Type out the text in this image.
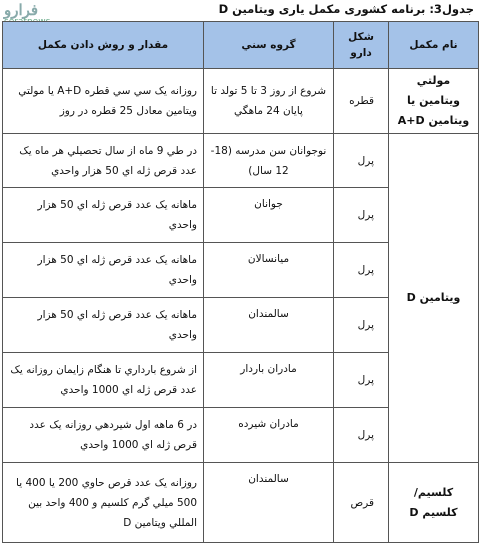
فرارو	جدول3: برنامه کشوری مکمل یاری ویتامین D
نام مکمل	شکل دارو	گروه سني	مقدار و روش دادن مکمل
مولتي ويتامين يا ويتامين A+D	قطره	شروع از روز 3 تا 5 تولد تا پايان 24 ماهگي	روزانه يک سي سي قطره A+D يا مولتي ويتامين معادل 25 قطره در روز
ويتامين D	پرل	نوجوانان سن مدرسه (18-12 سال)	در طي 9 ماه از سال تحصيلي هر ماه يک عدد قرص ژله اي 50 هزار واحدي
	پرل	جوانان	ماهانه يک عدد قرص ژله اي 50 هزار واحدي
	پرل	ميانسالان	ماهانه يک عدد قرص ژله اي 50 هزار واحدي
	پرل	سالمندان	ماهانه يک عدد قرص ژله اي 50 هزار واحدي
	پرل	مادران باردار	از شروع بارداري تا هنگام زايمان روزانه يک عدد قرص ژله اي 1000 واحدي
	پرل	مادران شيرده	در 6 ماهه اول شيردهي روزانه يک عدد قرص ژله اي 1000 واحدي
کلسيم/ کلسيم D	قرص	سالمندان	روزانه يک عدد قرص حاوي 200 يا 400 يا 500 ميلي گرم کلسيم و 400 واحد بين المللي ويتامين D
